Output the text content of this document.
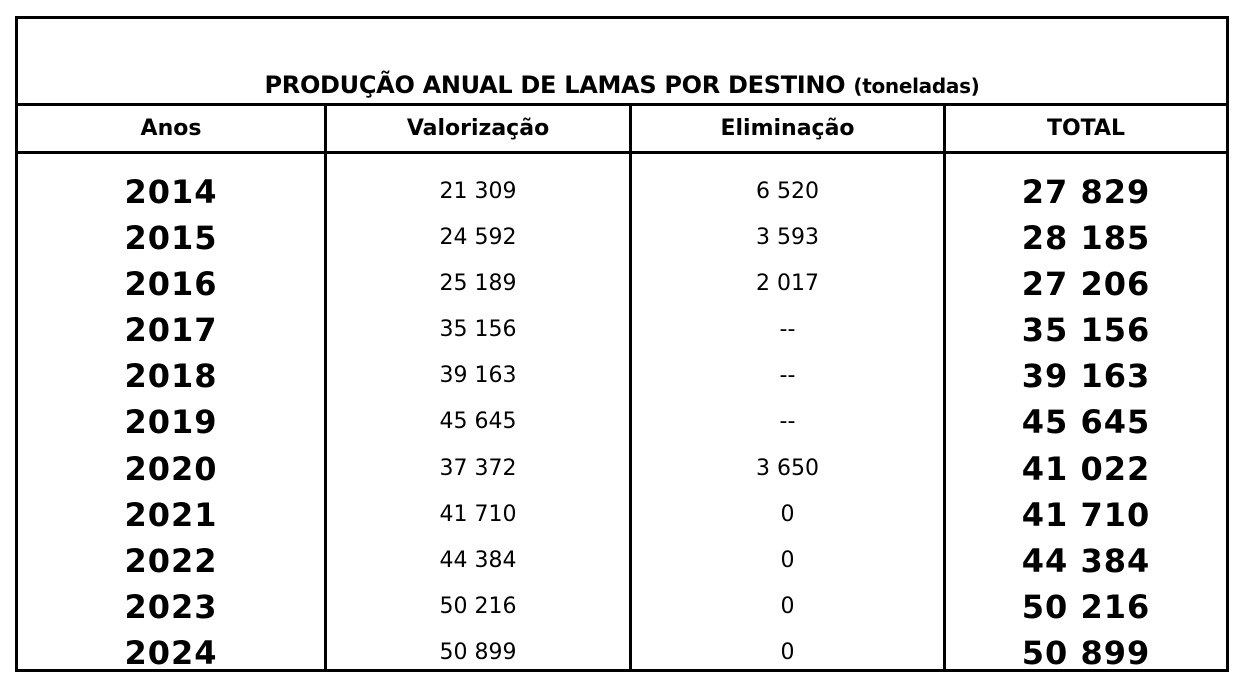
PRODUÇÃO ANUAL DE LAMAS POR DESTINO (toneladas)
Anos	Valorização	Eliminação	TOTAL
2014	21 309	6 520	27 829
2015	24 592	3 593	28 185
2016	25 189	2 017	27 206
2017	35 156	--	35 156
2018	39 163	--	39 163
2019	45 645	--	45 645
2020	37 372	3 650	41 022
2021	41 710	0	41 710
2022	44 384	0	44 384
2023	50 216	0	50 216
2024	50 899	0	50 899
